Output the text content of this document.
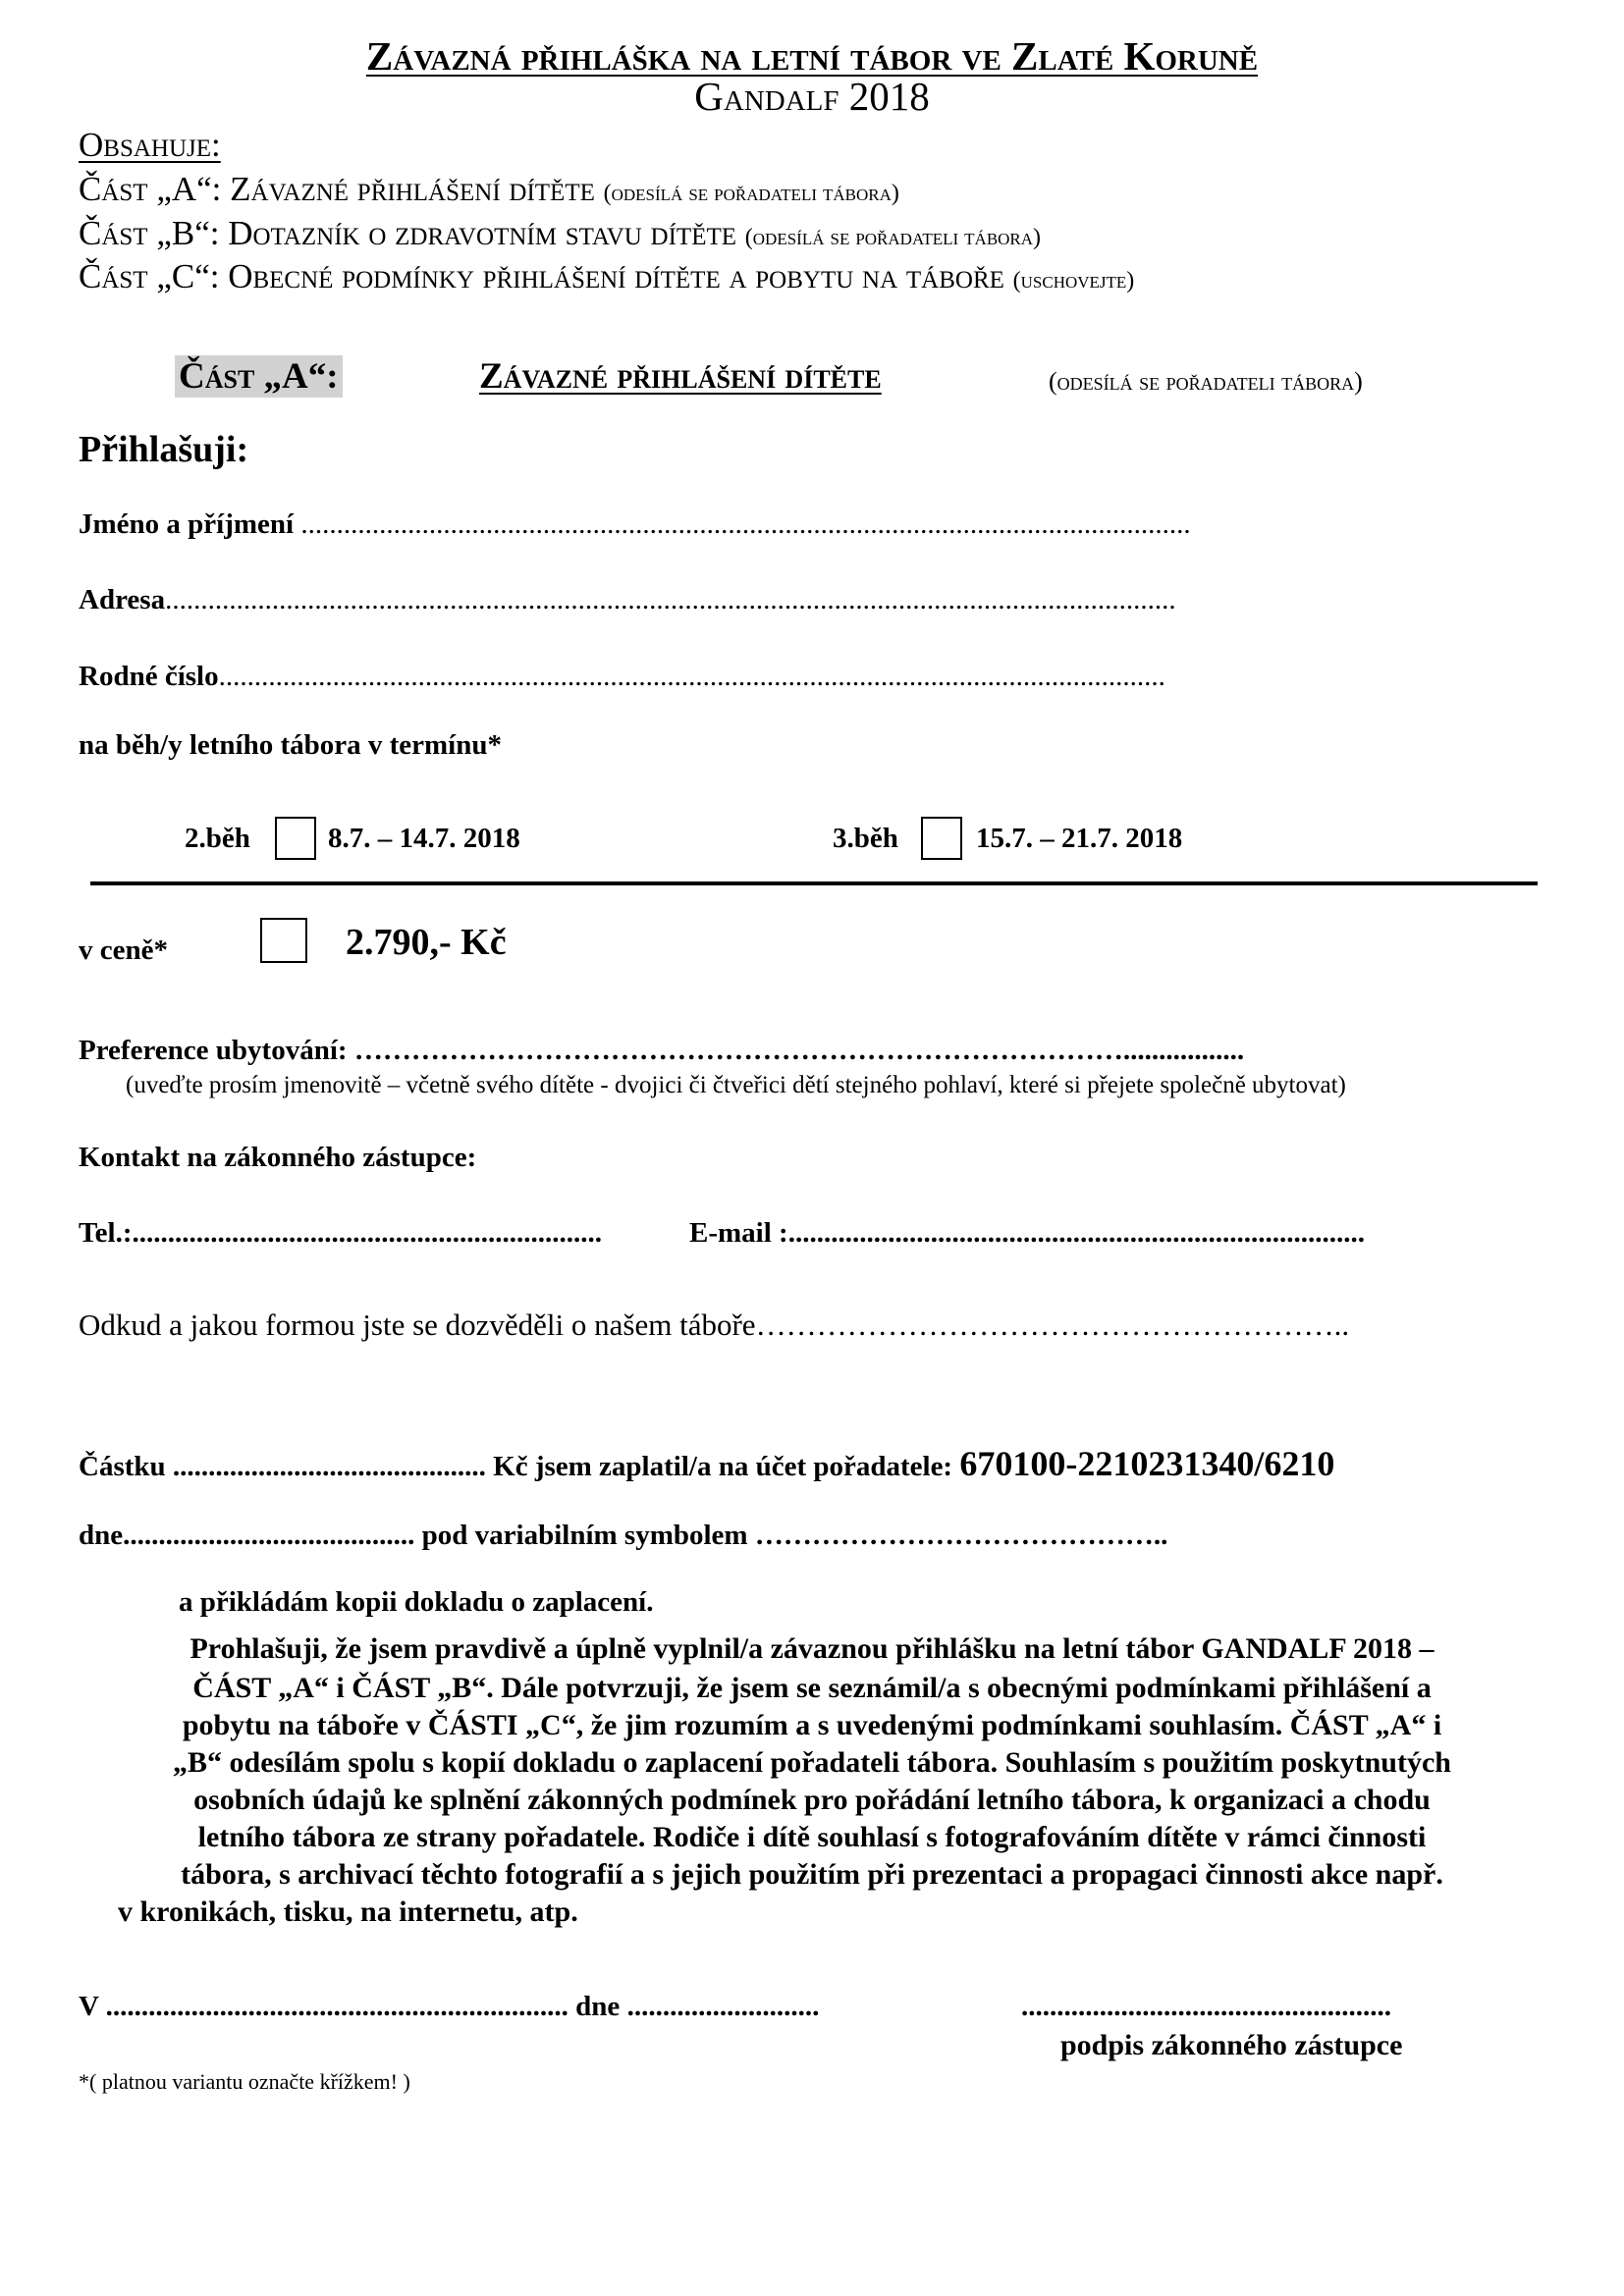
Závazná přihláška na letní tábor ve Zlaté Koruně
Gandalf 2018
Obsahuje:
Část „A“: Závazné přihlášení dítěte (odesílá se pořadateli tábora)
Část „B“: Dotazník o zdravotním stavu dítěte (odesílá se pořadateli tábora)
Část „C“: Obecné podmínky přihlášení dítěte a pobytu na táboře (uschovejte)
Část „A“:	Závazné přihlášení dítěte	(odesílá se pořadateli tábora)
Přihlašuji:
Jméno a příjmení .............................................................................................................................
Adresa..............................................................................................................................................
Rodné číslo.....................................................................................................................................
na běh/y letního tábora v termínu*
2.běh	8.7. – 14.7. 2018	3.běh	15.7. – 21.7. 2018
v ceně*	2.790,- Kč
Preference ubytování: ……………………………………………………………………….................
(uveďte prosím jmenovitě – včetně svého dítěte - dvojici či čtveřici dětí stejného pohlaví, které si přejete společně ubytovat)
Kontakt na zákonného zástupce:
Tel.:..................................................................	E-mail :.................................................................................
Odkud a jakou formou jste se dozvěděli o našem táboře…………………………………………………..
Částku ............................................ Kč jsem zaplatil/a na účet pořadatele: 670100-2210231340/6210
dne......................................... pod variabilním symbolem ……………………………………..
a přikládám kopii dokladu o zaplacení.
Prohlašuji, že jsem pravdivě a úplně vyplnil/a závaznou přihlášku na letní tábor GANDALF 2018 –
ČÁST „A“ i ČÁST „B“. Dále potvrzuji, že jsem se seznámil/a s obecnými podmínkami přihlášení a
pobytu na táboře v ČÁSTI „C“, že jim rozumím a s uvedenými podmínkami souhlasím. ČÁST „A“ i
„B“ odesílám spolu s kopií dokladu o zaplacení pořadateli tábora. Souhlasím s použitím poskytnutých
osobních údajů ke splnění zákonných podmínek pro pořádání letního tábora, k organizaci a chodu
letního tábora ze strany pořadatele. Rodiče i dítě souhlasí s fotografováním dítěte v rámci činnosti
tábora, s archivací těchto fotografií a s jejich použitím při prezentaci a propagaci činnosti akce např.
v kronikách, tisku, na internetu, atp.
V ................................................................. dne ...........................	....................................................
podpis zákonného zástupce
*( platnou variantu označte křížkem! )
